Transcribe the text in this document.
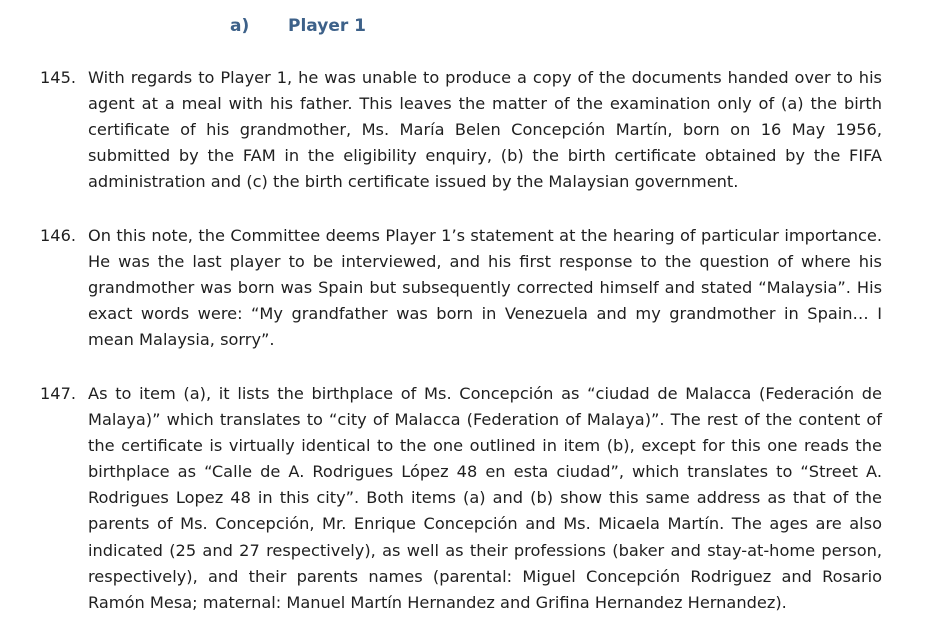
a) Player 1
145. With regards to Player 1, he was unable to produce a copy of the documents handed over to his agent at a meal with his father. This leaves the matter of the examination only of (a) the birth certificate of his grandmother, Ms. María Belen Concepción Martín, born on 16 May 1956, submitted by the FAM in the eligibility enquiry, (b) the birth certificate obtained by the FIFA administration and (c) the birth certificate issued by the Malaysian government.
146. On this note, the Committee deems Player 1’s statement at the hearing of particular importance. He was the last player to be interviewed, and his first response to the question of where his grandmother was born was Spain but subsequently corrected himself and stated “Malaysia”. His exact words were: “My grandfather was born in Venezuela and my grandmother in Spain… I mean Malaysia, sorry”.
147. As to item (a), it lists the birthplace of Ms. Concepción as “ciudad de Malacca (Federación de Malaya)” which translates to “city of Malacca (Federation of Malaya)”. The rest of the content of the certificate is virtually identical to the one outlined in item (b), except for this one reads the birthplace as “Calle de A. Rodrigues López 48 en esta ciudad”, which translates to “Street A. Rodrigues Lopez 48 in this city”. Both items (a) and (b) show this same address as that of the parents of Ms. Concepción, Mr. Enrique Concepción and Ms. Micaela Martín. The ages are also indicated (25 and 27 respectively), as well as their professions (baker and stay-at-home person, respectively), and their parents names (parental: Miguel Concepción Rodriguez and Rosario Ramón Mesa; maternal: Manuel Martín Hernandez and Grifina Hernandez Hernandez).
